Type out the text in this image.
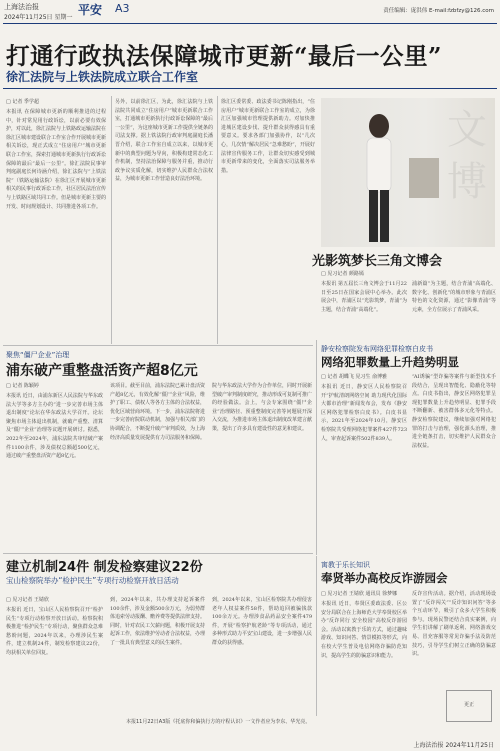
上海法治报
2024年11月25日 星期一
平安 A3	责任编辑：庞洪伟 E-mail:fzbfzy@126.com
打通行政执法保障城市更新“最后一公里”
徐汇法院与上铁法院成立联合工作室
□ 记者 季学超
本报讯 在保障城市更新的顺利推进的过程中，针对常见用行政诉讼，以前必要有效保护，对以此，徐汇法院与上铁路政运输法院在徐汇区城市建设联合工作室合作开展城市更新相关诉讼，现正式成立“住房用户”城市更新联合工作室，探索打通城市更新执行行政诉讼保障的最后“最后一公里”。徐汇法院民事审判庭副庭长何诗涵介绍，徐汇法院与“上铁法院”（铁路运输法院）在徐汇区开展城市更新相关的民事行政诉讼工作，社区居民法治宣传与上铁路区域共同工作。但是城市更新主要的开发、时间规划设计、共同推进各项工作。
另外，以前徐汇区，为此，徐汇法院与上铁法院共同成立“住房用户”城市更新联合工作室，打通城市更新执行行政诉讼保障的“最后一公里”，为这座城市更新工作提供全链条的司法支撑。据上铁法院行政审判庭副庭长潘晋介绍，联合工作室自成立以来，以城市更新中的典型问题为导向，积极构建常态化工作机制，坚持法治保障与服务并重，推动行政争议实质化解，切实维护人民群众合法权益，为城市更新工作营造良好法治环境。
徐汇区委常委、政法委书记陈刚指出，“住房用户”城市更新联合工作室的成立，为徐汇区加强城市管理提供新助力。对加快推进城区建设步伐、提升群众获得感具有重要意义。要求各部门加强协作，以“几次心，几次情”解决居民“急难愁盼”，开展好法律宣传服务工作，让群众切实感受到城市更新带来的变化，全面落实司法服务举措。
文
博
光影筑梦长三角文博会
□ 见习记者 颜路嫣
本报讯 第五届长三角文博会于11月22日至25日在国家会展中心举办。此次展会中，青浦区以“光影筑梦，青浦”为主题，结合青浦“高端化”。
浦新篇”为主题，结合青浦“高端化、数字化、创新化”的城市形象与青浦区特色的文化资源，通过“影像青浦”等元素，全方位展示了青浦风采。
聚焦“僵尸企业”治理
浦东破产重整盘活资产超8亿元
□ 记者 陈颖婷
本报讯 近日，由浦东新区人民法院与华东政法大学等多方主办的“进一步完善市场主体退出制度”论坛在华东政法大学召开。论坛聚焦市场主体退出机制，就破产重整、清算及“僵尸企业”治理等议题开展研讨。据悉，2022年至2024年，浦东法院共审结破产案件1100余件，涉及债权总额超500亿元，通过破产重整盘活资产超8亿元。
该项目。截至目前，浦东法院已累计盘活资产超8亿元，有效化解“僵尸企业”风险，维护了职工、债权人等各方主体的合法权益，优化区域营商环境。下一步，浦东法院将进一步完善府院联动机制，加强与相关部门的协调配合，不断提升破产审判质效，为上海经济高质量发展提供有力司法服务和保障。
院与华东政法大学作为合作单位，同时开展新型破产审判制度研究，推动形成可复制可推广的经验做法。会上，与会专家围绕“僵尸企业”治理路径、预重整制度完善等问题展开深入交流，为推进市场主体退出制度改革建言献策，提出了许多具有建设性的意见和建议。
静安检察院发布网络犯罪检察白皮书
网络犯罪数量上升趋势明显
□ 记者 胡蝶飞 见习生 俞博雅
本报讯 近日，静安区人民检察院召开“护航清朗网络空间 助力现代化国际大都市治理”新闻发布会，发布《静安区网络犯罪检察白皮书》。白皮书显示，2021年至2024年10月，静安区检察院共受理网络犯罪案件427件723人，审查起诉案件502件839人。
“AI诱骗”型诈骗等案件与新型技术手段结合，呈现出智能化、隐蔽化等特点。白皮书指出，静安区网络犯罪呈现犯罪数量上升趋势明显、犯罪手段不断翻新、被害群体多元化等特点。静安检察院建议，继续加强对网络犯罪的打击与治理，强化源头治理，推进全链条打击，切实维护人民群众合法权益。
建立机制24件 制发检察建议22份
宝山检察院举办“检护民生”专项行动检察开放日活动
□ 见习记者 王婧欣
本报讯 近日，宝山区人民检察院召开“检护民生”专项行动检察开放日活动。检察院积极推进“检护民生”专项行动，聚焦群众急难愁盼问题，2024年以来，办理涉民生案件，建立机制24件，制发检察建议22份，均获相关单位回复。
到，2024年以来，共办理支持起诉案件100余件，涉及金额500余万元，为弱势群体追索劳动报酬、赡养费等提供法律支持。同时，针对农民工欠薪问题，积极开展支持起诉工作，依法维护劳动者合法权益，办理了一批具有典型意义的民生案件。
到，2024年以来，宝山区检察院共办理侵害老年人权益案件58件，帮助追回被骗钱款100余万元。办理涉食品药品安全案件479件，开展“检察护航老龄”等专项活动，通过多种形式助力平安宝山建设，进一步增强人民群众的获得感。
寓教于乐长知识
奉贤举办高校反诈游园会
□ 见习记者 王婧欣 通讯员 徐梦娜
本报讯 近日，奉贤区委政法委、区公安分局联合在上海师范大学奉贤校区举办“反诈同行 安全校园”高校反诈游园会。活动以寓教于乐的方式，通过趣味游戏、知识问答、情景模拟等形式，向在校大学生普及电信网络诈骗防范知识，提高学生的防骗意识和能力。
反诈宣传活动。据介绍，活动现场设置了“反诈闯关”“反诈知识问答”等多个互动环节，吸引了众多大学生积极参与。现场民警还结合真实案例，向学生们讲解了刷单返利、网络游戏交易、冒充客服等常见诈骗手法及防范技巧，引导学生们树立正确的防骗意识。
更正
本报11月22日A3版《托底你和偏执行方的疗程认识》一文作者应为李东、华光亮。
上海法治报 2024年11月25日
